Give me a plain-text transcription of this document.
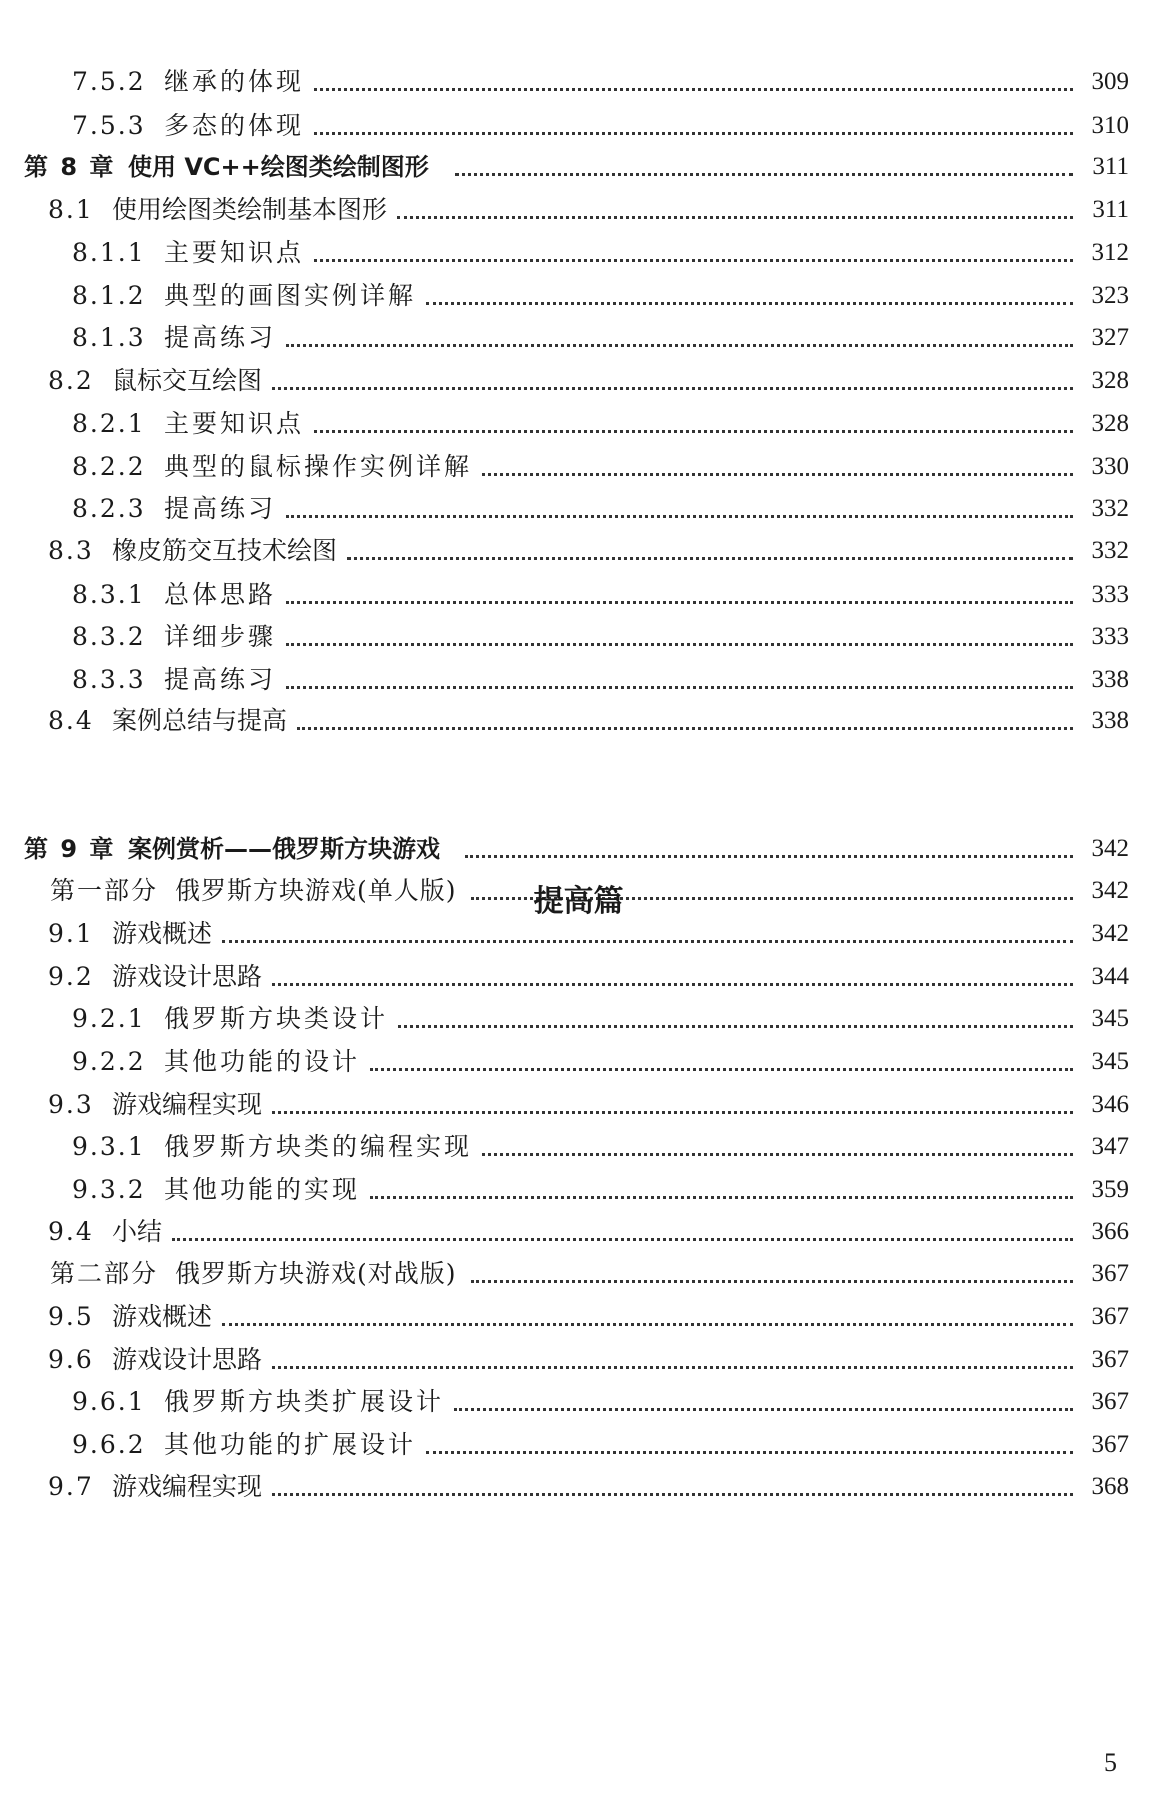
7.5.2 继承的体现	309
7.5.3 多态的体现	310
第 8 章 使用 VC++绘图类绘制图形	311
8.1 使用绘图类绘制基本图形	311
8.1.1 主要知识点	312
8.1.2 典型的画图实例详解	323
8.1.3 提高练习	327
8.2 鼠标交互绘图	328
8.2.1 主要知识点	328
8.2.2 典型的鼠标操作实例详解	330
8.2.3 提高练习	332
8.3 橡皮筋交互技术绘图	332
8.3.1 总体思路	333
8.3.2 详细步骤	333
8.3.3 提高练习	338
8.4 案例总结与提高	338
第 9 章 案例赏析——俄罗斯方块游戏	342
第一部分 俄罗斯方块游戏(单人版)	342
9.1 游戏概述	342
9.2 游戏设计思路	344
9.2.1 俄罗斯方块类设计	345
9.2.2 其他功能的设计	345
9.3 游戏编程实现	346
9.3.1 俄罗斯方块类的编程实现	347
9.3.2 其他功能的实现	359
9.4 小结	366
第二部分 俄罗斯方块游戏(对战版)	367
9.5 游戏概述	367
9.6 游戏设计思路	367
9.6.1 俄罗斯方块类扩展设计	367
9.6.2 其他功能的扩展设计	367
9.7 游戏编程实现	368
提高篇
5
